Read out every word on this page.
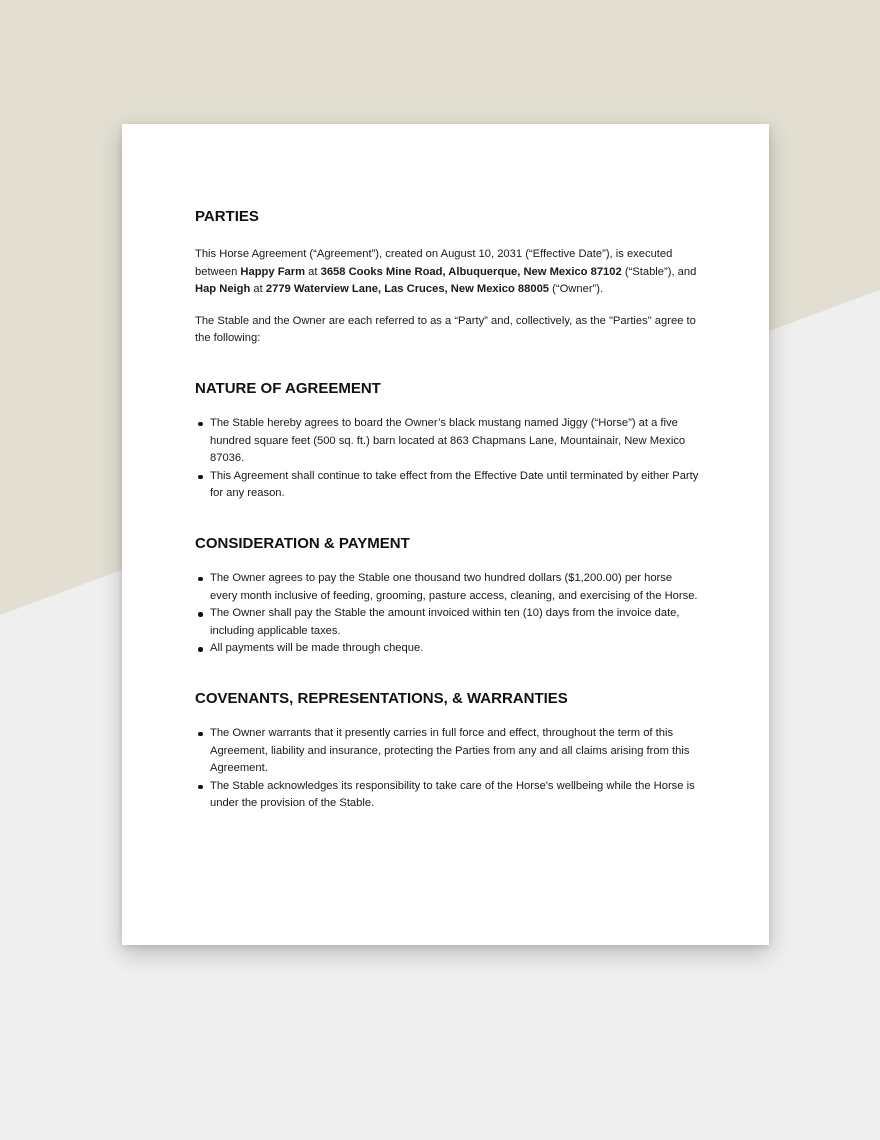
PARTIES

This Horse Agreement (“Agreement”), created on August 10, 2031 (“Effective Date”), is executed between Happy Farm at 3658 Cooks Mine Road, Albuquerque, New Mexico 87102 (“Stable”), and Hap Neigh at 2779 Waterview Lane, Las Cruces, New Mexico 88005 (“Owner”).

The Stable and the Owner are each referred to as a “Party” and, collectively, as the "Parties" agree to the following:

NATURE OF AGREEMENT
The Stable hereby agrees to board the Owner’s black mustang named Jiggy (“Horse”) at a five hundred square feet (500 sq. ft.) barn located at 863 Chapmans Lane, Mountainair, New Mexico 87036.
This Agreement shall continue to take effect from the Effective Date until terminated by either Party for any reason.
CONSIDERATION & PAYMENT
The Owner agrees to pay the Stable one thousand two hundred dollars ($1,200.00) per horse every month inclusive of feeding, grooming, pasture access, cleaning, and exercising of the Horse.
The Owner shall pay the Stable the amount invoiced within ten (10) days from the invoice date, including applicable taxes.
All payments will be made through cheque.
COVENANTS, REPRESENTATIONS, & WARRANTIES
The Owner warrants that it presently carries in full force and effect, throughout the term of this Agreement, liability and insurance, protecting the Parties from any and all claims arising from this Agreement.
The Stable acknowledges its responsibility to take care of the Horse's wellbeing while the Horse is under the provision of the Stable.
